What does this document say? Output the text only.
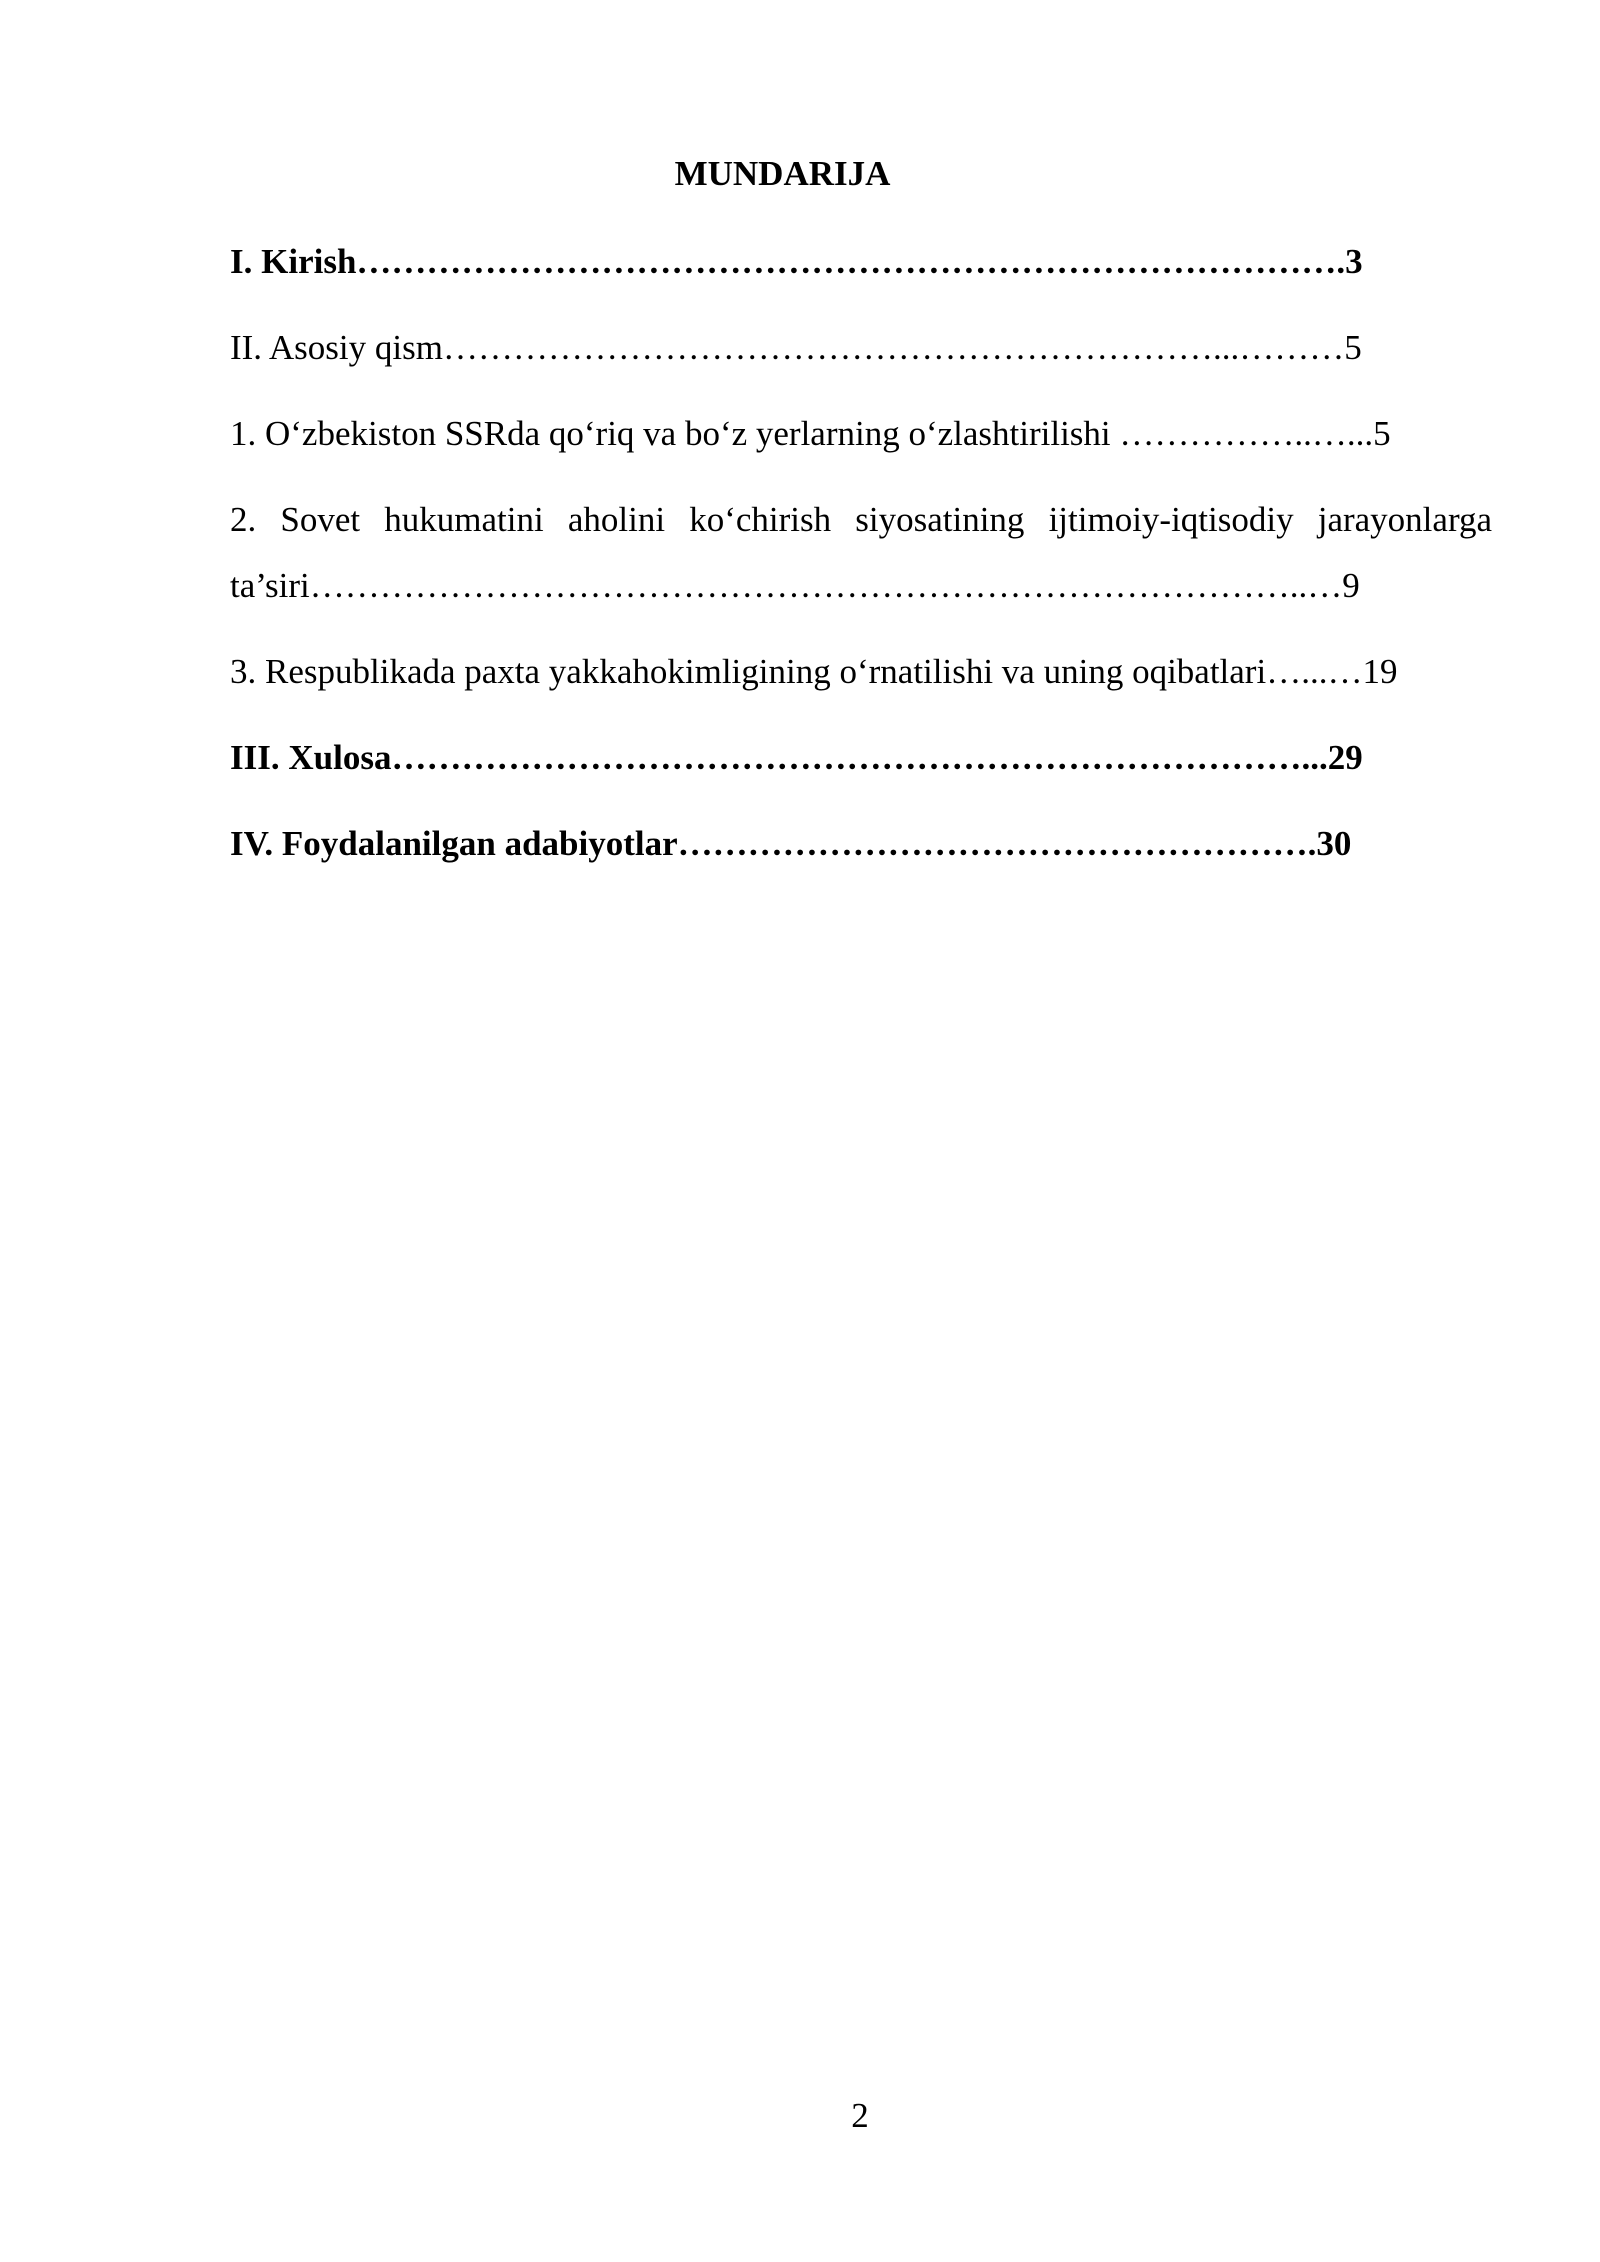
MUNDARIJA
I. Kirish………………………………………………………………………….3
II. Asosiy qism…………………………………………………………...………5
1. O‘zbekiston SSRda qo‘riq va bo‘z yerlarning o‘zlashtirilishi ……………..…...5
2. Sovet hukumatini aholini ko‘chirish siyosatining ijtimoiy-iqtisodiy jarayonlarga
ta’siri…………………………………………………………………………..…9
3. Respublikada paxta yakkahokimligining o‘rnatilishi va uning oqibatlari…...…19
III. Xulosa……………………………………………………………………...29
IV. Foydalanilgan adabiyotlar……………………………………………….30
2
